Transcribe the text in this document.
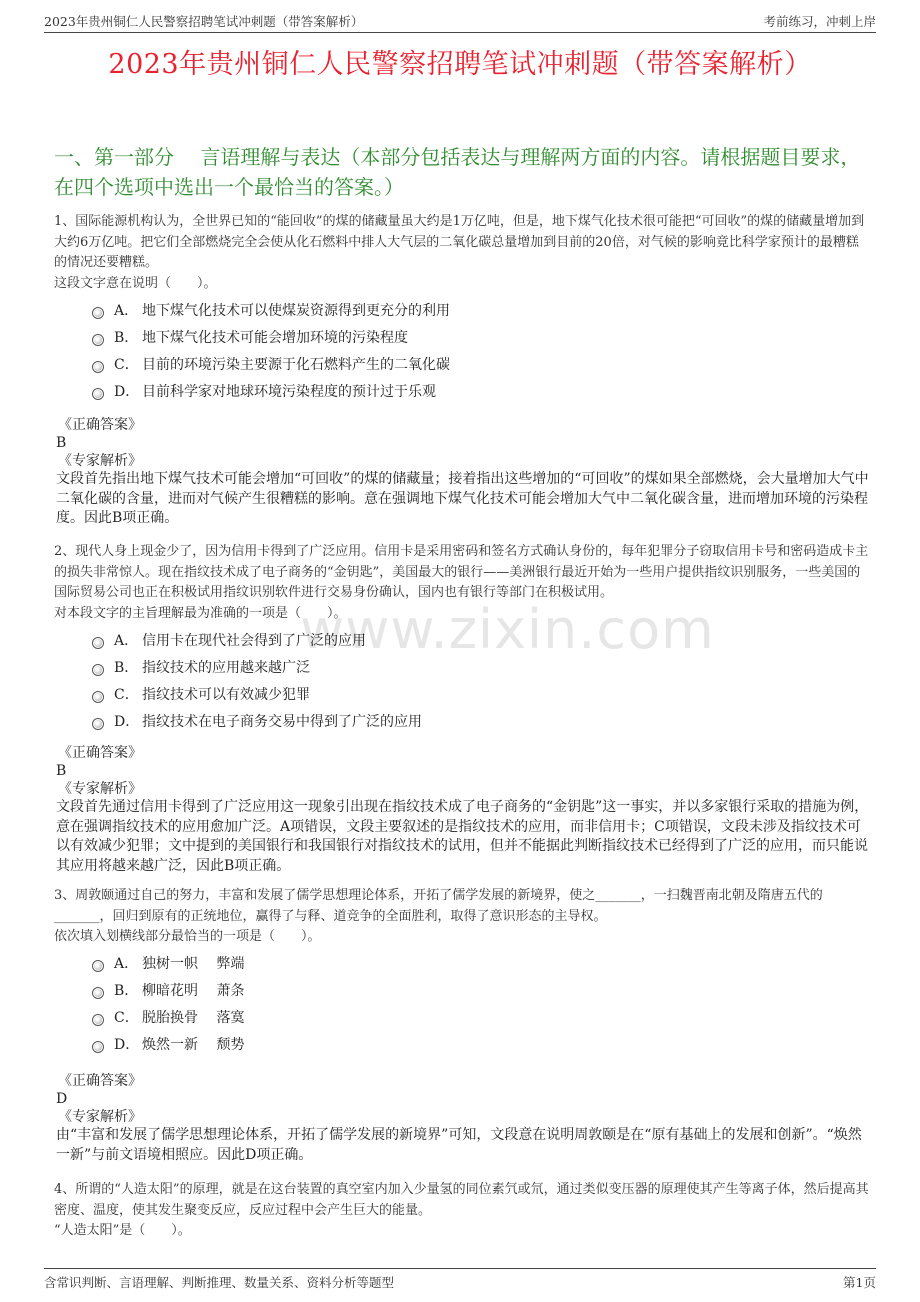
2023年贵州铜仁人民警察招聘笔试冲刺题（带答案解析）	考前练习，冲刺上岸
2023年贵州铜仁人民警察招聘笔试冲刺题（带答案解析）
一、第一部分　 言语理解与表达（本部分包括表达与理解两方面的内容。请根据题目要求，在四个选项中选出一个最恰当的答案。）
www.zixin.com
1、国际能源机构认为，全世界已知的“能回收”的煤的储藏量虽大约是1万亿吨，但是，地下煤气化技术很可能把“可回收”的煤的储藏量增加到大约6万亿吨。把它们全部燃烧完全会使从化石燃料中排人大气层的二氧化碳总量增加到目前的20倍，对气候的影响竟比科学家预计的最糟糕的情况还要糟糕。
这段文字意在说明（　　）。
A． 地下煤气化技术可以使煤炭资源得到更充分的利用
B． 地下煤气化技术可能会增加环境的污染程度
C． 目前的环境污染主要源于化石燃料产生的二氧化碳
D． 目前科学家对地球环境污染程度的预计过于乐观
《正确答案》
B
《专家解析》
文段首先指出地下煤气技术可能会增加“可回收”的煤的储藏量；接着指出这些增加的“可回收”的煤如果全部燃烧，会大量增加大气中二氧化碳的含量，进而对气候产生很糟糕的影响。意在强调地下煤气化技术可能会增加大气中二氧化碳含量，进而增加环境的污染程度。因此B项正确。
2、现代人身上现金少了，因为信用卡得到了广泛应用。信用卡是采用密码和签名方式确认身份的，每年犯罪分子窃取信用卡号和密码造成卡主的损失非常惊人。现在指纹技术成了电子商务的“金钥匙”，美国最大的银行——美洲银行最近开始为一些用户提供指纹识别服务，一些美国的国际贸易公司也正在积极试用指纹识别软件进行交易身份确认，国内也有银行等部门在积极试用。
对本段文字的主旨理解最为准确的一项是（　　）。
A． 信用卡在现代社会得到了广泛的应用
B． 指纹技术的应用越来越广泛
C． 指纹技术可以有效减少犯罪
D． 指纹技术在电子商务交易中得到了广泛的应用
《正确答案》
B
《专家解析》
文段首先通过信用卡得到了广泛应用这一现象引出现在指纹技术成了电子商务的“金钥匙”这一事实，并以多家银行采取的措施为例，意在强调指纹技术的应用愈加广泛。A项错误，文段主要叙述的是指纹技术的应用，而非信用卡；C项错误，文段未涉及指纹技术可以有效减少犯罪；文中提到的美国银行和我国银行对指纹技术的试用，但并不能据此判断指纹技术已经得到了广泛的应用，而只能说其应用将越来越广泛，因此B项正确。
3、周敦颐通过自己的努力，丰富和发展了儒学思想理论体系，开拓了儒学发展的新境界，使之_______，一扫魏晋南北朝及隋唐五代的_______，回归到原有的正统地位，赢得了与释、道竞争的全面胜利，取得了意识形态的主导权。
依次填入划横线部分最恰当的一项是（　　）。
A． 独树一帜　 弊端
B． 柳暗花明　 萧条
C． 脱胎换骨　 落寞
D． 焕然一新　 颓势
《正确答案》
D
《专家解析》
由“丰富和发展了儒学思想理论体系，开拓了儒学发展的新境界”可知，文段意在说明周敦颐是在“原有基础上的发展和创新”。“焕然一新”与前文语境相照应。因此D项正确。
4、所谓的“人造太阳”的原理，就是在这台装置的真空室内加入少量氢的同位素氕或氘，通过类似变压器的原理使其产生等离子体，然后提高其密度、温度，使其发生聚变反应，反应过程中会产生巨大的能量。
“人造太阳”是（　　）。
含常识判断、言语理解、判断推理、数量关系、资料分析等题型	第1页
